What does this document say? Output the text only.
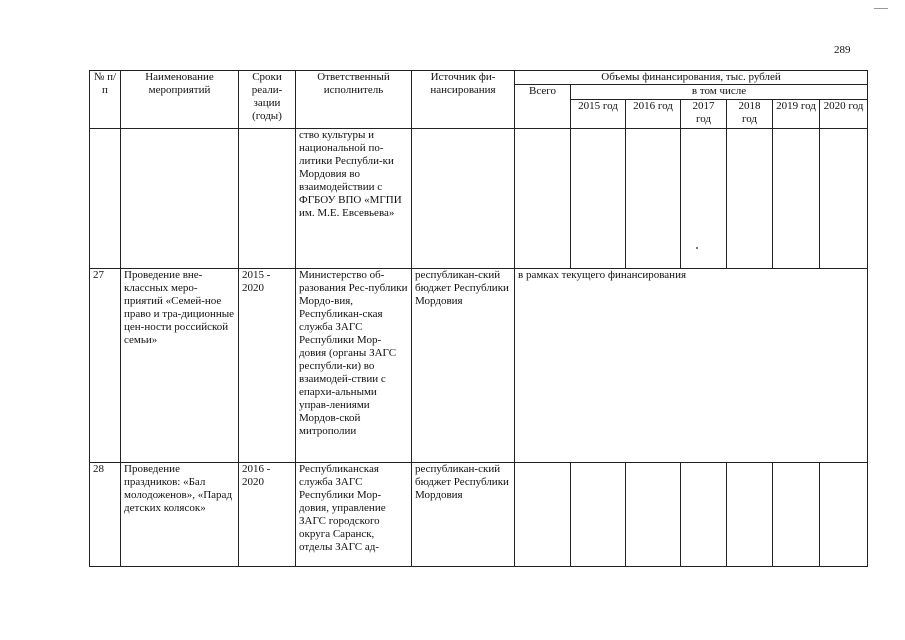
289
№ п/п	Наименование мероприятий	Сроки реали-зации (годы)	Ответственный исполнитель	Источник фи-нансирования	Объемы финансирования, тыс. рублей						
					Всего	в том числе					
						2015 год	2016 год	2017 год	2018 год	2019 год	2020 год
			ство культуры и национальной по-литики Республи-ки Мордовия во взаимодействии с ФГБОУ ВПО «МГПИ им. М.Е. Евсевьева»								
27	Проведение вне-классных меро-приятий «Семей-ное право и тра-диционные цен-ности российской семьи»	2015 - 2020	Министерство об-разования Рес-публики Мордо-вия, Республикан-ская служба ЗАГС Республики Мор-довия (органы ЗАГС республи-ки) во взаимодей-ствии с епархи-альными управ-лениями Мордов-ской митрополии	республикан-ский бюджет Республики Мордовия	в рамках текущего финансирования						
28	Проведение праздников: «Бал молодоженов», «Парад детских колясок»	2016 - 2020	Республиканская служба ЗАГС Республики Мор-довия, управление ЗАГС городского округа Саранск, отделы ЗАГС ад-	республикан-ский бюджет Республики Мордовия							
